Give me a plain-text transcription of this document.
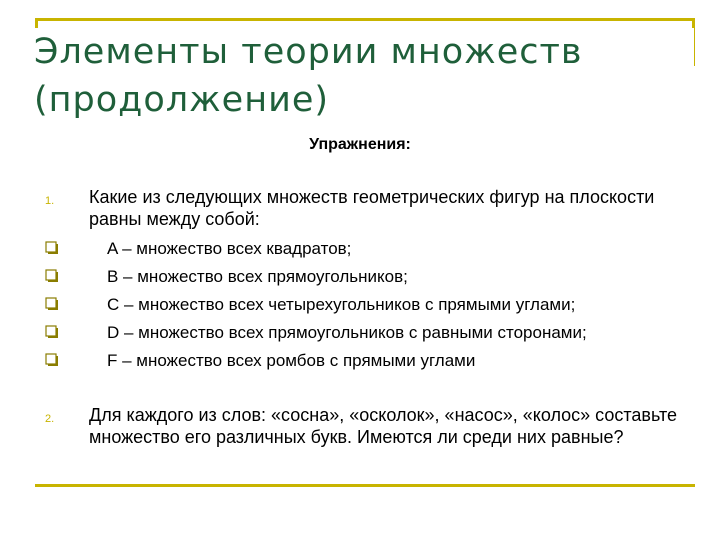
Элементы теории множеств
(продолжение)
Упражнения:
1. Какие из следующих множеств геометрических фигур на плоскости равны между собой:
A – множество всех квадратов;
B – множество всех прямоугольников;
C – множество всех четырехугольников с прямыми углами;
D – множество всех прямоугольников с равными сторонами;
F – множество всех ромбов с прямыми углами
2. Для каждого из слов: «сосна», «осколок», «насос», «колос» составьте множество его различных букв. Имеются ли среди них равные?
